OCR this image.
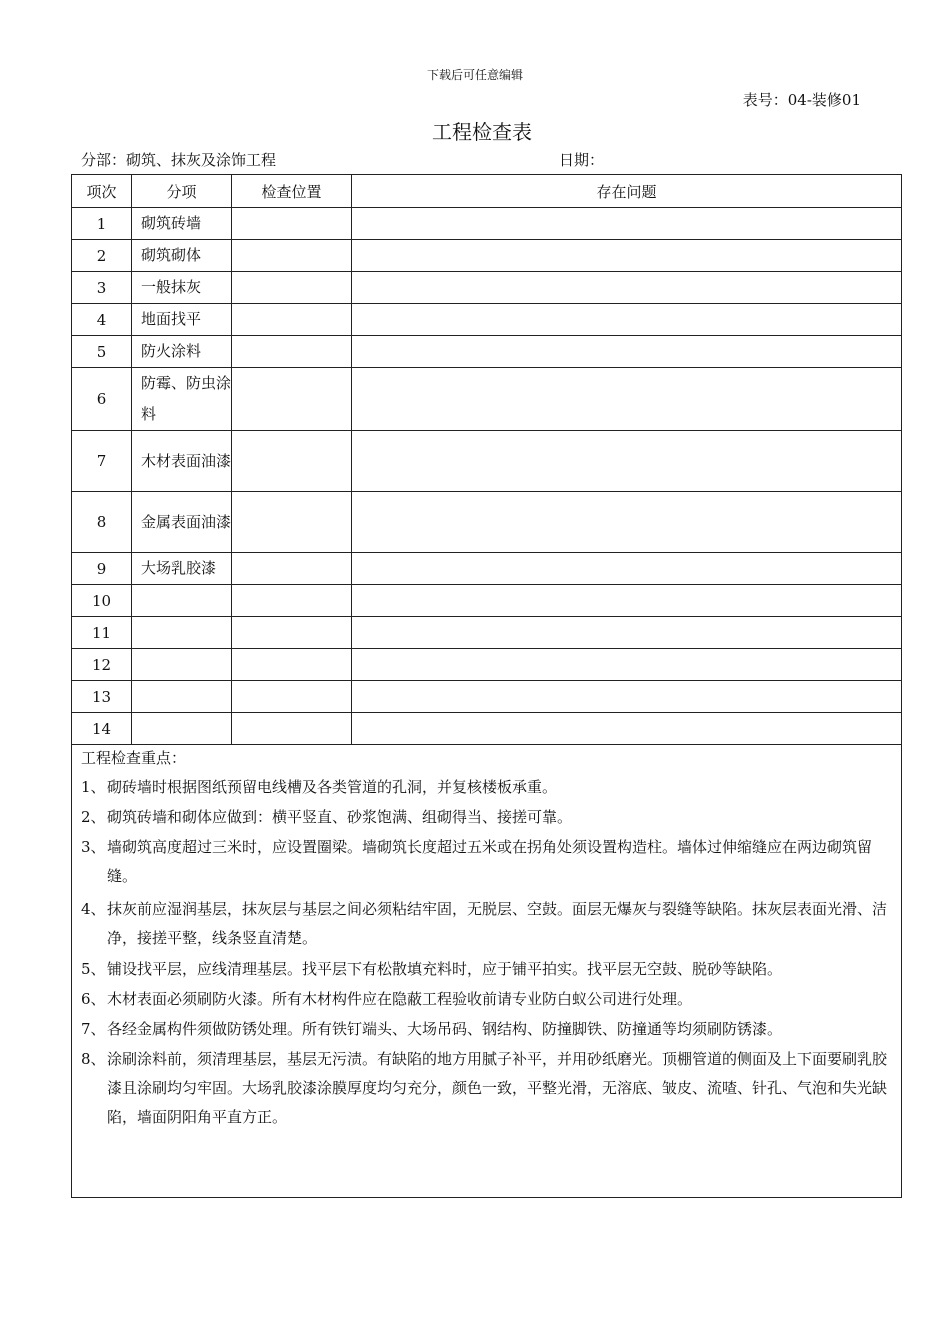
下载后可任意编辑
表号：04-装修01
工程检查表
分部：砌筑、抹灰及涂饰工程	日期：
项次	分项	检查位置	存在问题
1	砌筑砖墙		
2	砌筑砌体		
3	一般抹灰		
4	地面找平		
5	防火涂料		
6	防霉、防虫涂料		
7	木材表面油漆		
8	金属表面油漆		
9	大场乳胶漆		
10			
11			
12			
13			
14			
工程检查重点：
1、 砌砖墙时根据图纸预留电线槽及各类管道的孔洞，并复核楼板承重。
2、 砌筑砖墙和砌体应做到：横平竖直、砂浆饱满、组砌得当、接搓可靠。
3、 墙砌筑高度超过三米时，应设置圈梁。墙砌筑长度超过五米或在拐角处须设置构造柱。墙体过伸缩缝应在两边砌筑留缝。
4、 抹灰前应湿润基层，抹灰层与基层之间必须粘结牢固，无脱层、空鼓。面层无爆灰与裂缝等缺陷。抹灰层表面光滑、洁净，接搓平整，线条竖直清楚。
5、 铺设找平层，应线清理基层。找平层下有松散填充料时，应于铺平拍实。找平层无空鼓、脱砂等缺陷。
6、 木材表面必须刷防火漆。所有木材构件应在隐蔽工程验收前请专业防白蚁公司进行处理。
7、 各经金属构件须做防锈处理。所有铁钉端头、大场吊码、钢结构、防撞脚铁、防撞通等均须刷防锈漆。
8、 涂刷涂料前，须清理基层，基层无污渍。有缺陷的地方用腻子补平，并用砂纸磨光。顶棚管道的侧面及上下面要刷乳胶漆且涂刷均匀牢固。大场乳胶漆涂膜厚度均匀充分，颜色一致，平整光滑，无溶底、皱皮、流喳、针孔、气泡和失光缺陷，墙面阴阳角平直方正。
